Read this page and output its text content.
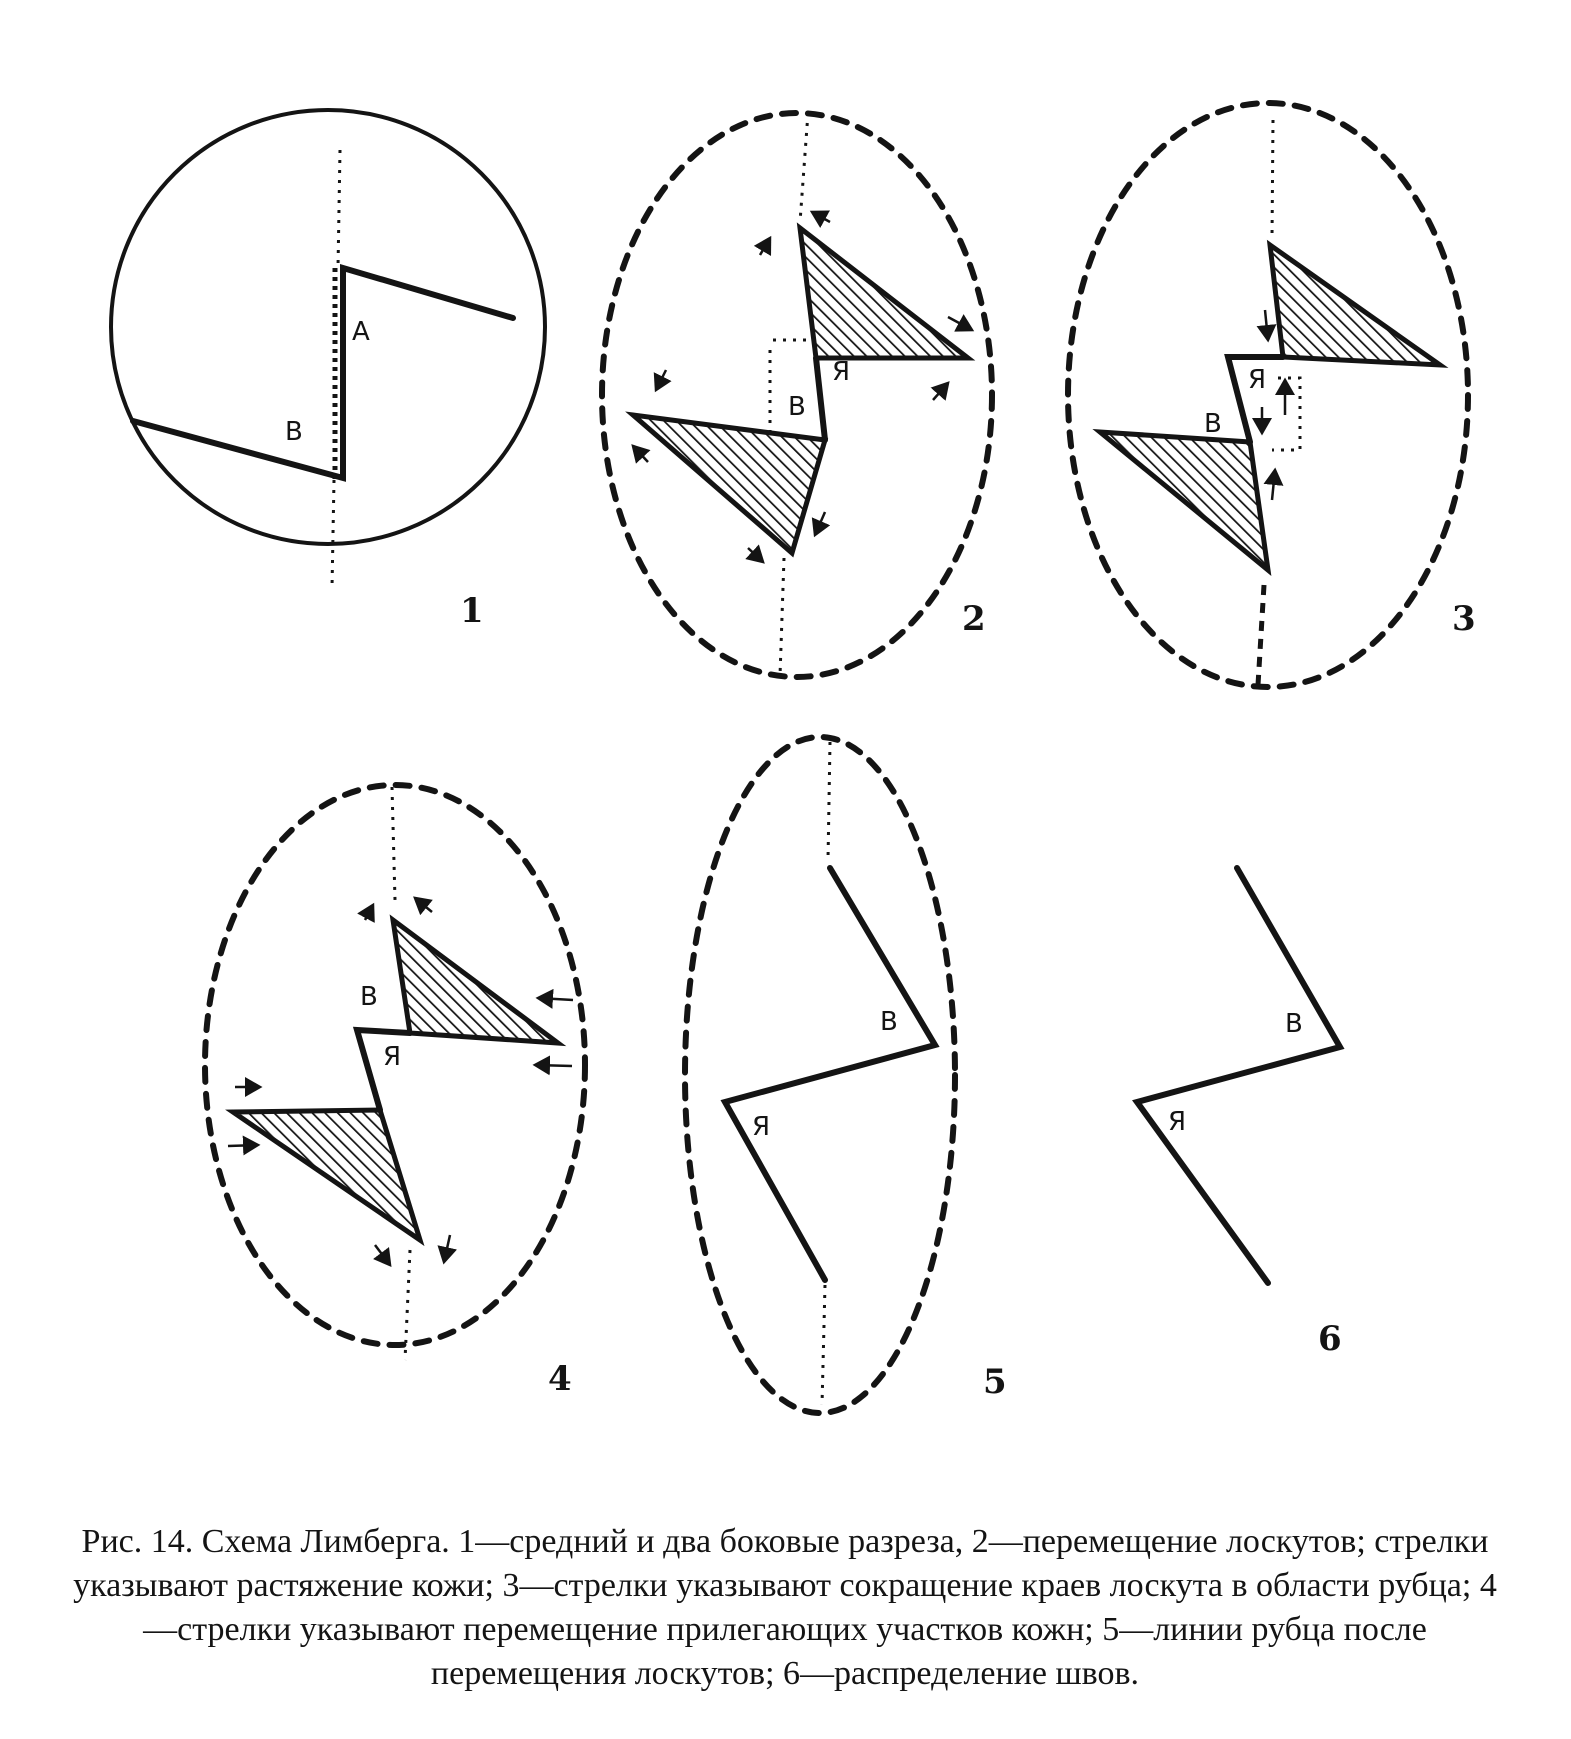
A
B
1
Я
B
2
Я
B
3
B
Я
4
B
Я
5
B
Я
6

Рис. 14. Схема Лимберга. 1—средний и два боковые разреза, 2—перемещение лоскутов; стрелки указывают растяжение кожи; 3—стрелки указывают сокращение краев лоскута в области рубца; 4—стрелки указывают перемещение прилегающих участков кожн; 5—линии рубца после перемещения лоскутов; 6—распределение швов.
